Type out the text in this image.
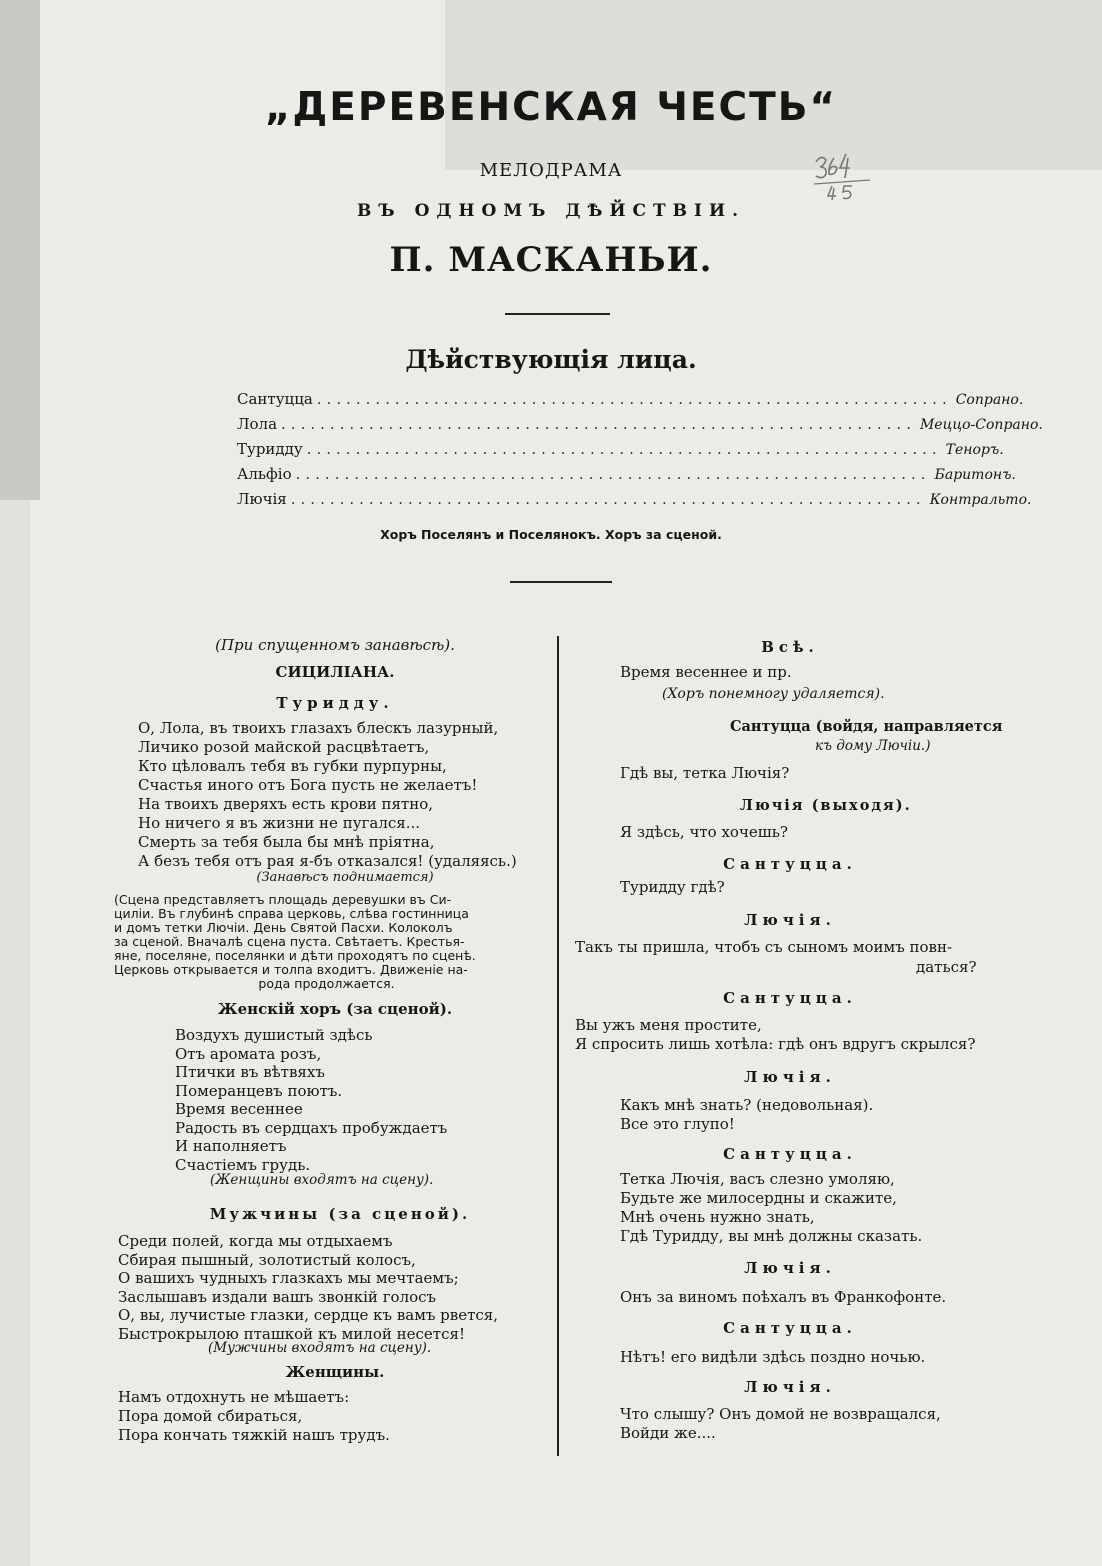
„ДЕРЕВЕНСКАЯ ЧЕСТЬ“
МЕЛОДРАМА
ВЪ ОДНОМЪ ДѢЙСТВІИ.
П. МАСКАНЬИ.
Дѣйствующія лица.
Сантуцца ................................................................. Сопрано.
Лола ................................................................. Меццо-Сопрано.
Туридду ................................................................. Теноръ.
Альфіо ................................................................. Баритонъ.
Лючія ................................................................. Контральто.
Хоръ Поселянъ и Поселянокъ. Хоръ за сценой.
(При спущенномъ занавѣсѣ).
СИЦИЛІАНА.
Туридду.
О, Лола, въ твоихъ глазахъ блескъ лазурный,
Личико розой майской расцвѣтаетъ,
Кто цѣловалъ тебя въ губки пурпурны,
Счастья иного отъ Бога пусть не желаетъ!
На твоихъ дверяхъ есть крови пятно,
Но ничего я въ жизни не пугался...
Смерть за тебя была бы мнѣ пріятна,
А безъ тебя отъ рая я-бъ отказался! (удаляясь.)
(Занавѣсъ поднимается)
(Сцена представляетъ площадь деревушки въ Си-
циліи. Въ глубинѣ справа церковь, слѣва гостинница
и домъ тетки Лючіи. День Святой Пасхи. Колоколъ
за сценой. Вначалѣ сцена пуста. Свѣтаетъ. Крестья-
яне, поселяне, поселянки и дѣти проходятъ по сценѣ.
Церковь открывается и толпа входитъ. Движеніе на-
рода продолжается.
Женскій хоръ (за сценой).
Воздухъ душистый здѣсь
Отъ аромата розъ,
Птички въ вѣтвяхъ
Померанцевъ поютъ.
Время весеннее
Радость въ сердцахъ пробуждаетъ
И наполняетъ
Счастіемъ грудь.
(Женщины входятъ на сцену).
Мужчины (за сценой).
Среди полей, когда мы отдыхаемъ
Сбирая пышный, золотистый колосъ,
О вашихъ чудныхъ глазкахъ мы мечтаемъ;
Заслышавъ издали вашъ звонкій голосъ
О, вы, лучистые глазки, сердце къ вамъ рвется,
Быстрокрылою пташкой къ милой несется!
(Мужчины входятъ на сцену).
Женщины.
Намъ отдохнуть не мѣшаетъ:
Пора домой сбираться,
Пора кончать тяжкій нашъ трудъ.
Всѣ.
Время весеннее и пр.
(Хоръ понемногу удаляется).
Сантуцца (войдя, направляется
къ дому Лючіи.)
Гдѣ вы, тетка Лючія?
Лючія (выходя).
Я здѣсь, что хочешь?
Сантуцца.
Туридду гдѣ?
Лючія.
Такъ ты пришла, чтобъ съ сыномъ моимъ повн-
даться?
Сантуцца.
Вы ужъ меня простите,
Я спросить лишь хотѣла: гдѣ онъ вдругъ скрылся?
Лючія.
Какъ мнѣ знать? (недовольная).
Все это глупо!
Сантуцца.
Тетка Лючія, васъ слезно умоляю,
Будьте же милосердны и скажите,
Мнѣ очень нужно знать,
Гдѣ Туридду, вы мнѣ должны сказать.
Лючія.
Онъ за виномъ поѣхалъ въ Франкофонте.
Сантуцца.
Нѣтъ! его видѣли здѣсь поздно ночью.
Лючія.
Что слышу? Онъ домой не возвращался,
Войди же....
